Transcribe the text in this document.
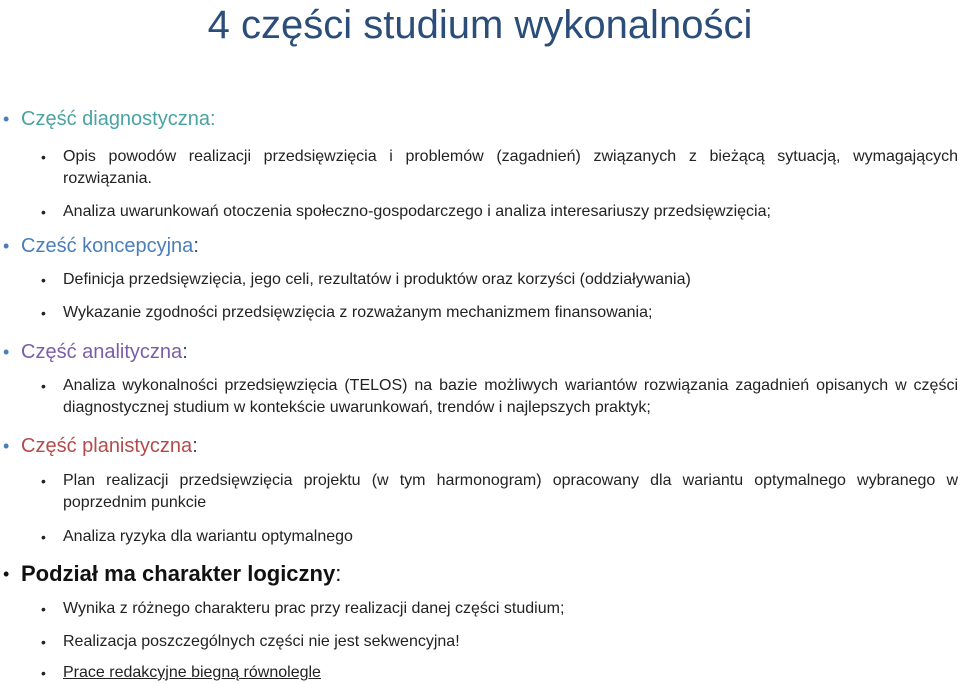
4 części studium wykonalności
• Część diagnostyczna:
• Opis powodów realizacji przedsięwzięcia i problemów (zagadnień) związanych z bieżącą sytuacją, wymagających rozwiązania.
• Analiza uwarunkowań otoczenia społeczno-gospodarczego i analiza interesariuszy przedsięwzięcia;
• Cześć koncepcyjna:
• Definicja przedsięwzięcia, jego celi, rezultatów i produktów oraz korzyści (oddziaływania)
• Wykazanie zgodności przedsięwzięcia z rozważanym mechanizmem finansowania;
• Część analityczna:
• Analiza wykonalności przedsięwzięcia (TELOS) na bazie możliwych wariantów rozwiązania zagadnień opisanych w części diagnostycznej studium w kontekście uwarunkowań, trendów i najlepszych praktyk;
• Część planistyczna:
• Plan realizacji przedsięwzięcia projektu (w tym harmonogram) opracowany dla wariantu optymalnego wybranego w poprzednim punkcie
• Analiza ryzyka dla wariantu optymalnego
• Podział ma charakter logiczny:
• Wynika z różnego charakteru prac przy realizacji danej części studium;
• Realizacja poszczególnych części nie jest sekwencyjna!
• Prace redakcyjne biegną równolegle
